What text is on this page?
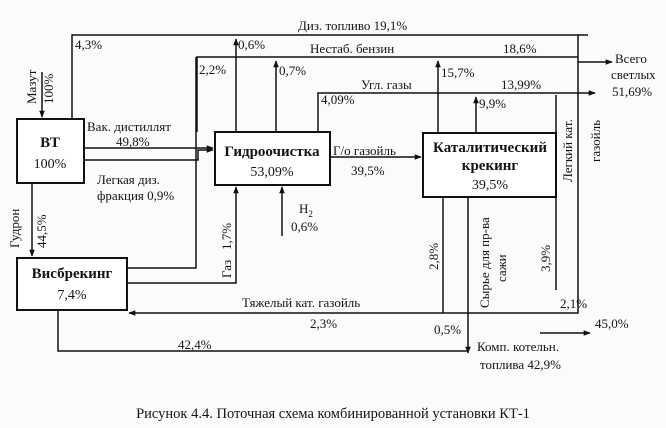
ВТ
100%
Гидроочистка
53,09%
Каталитический
крекинг
39,5%
Висбрекинг
7,4%
Мазут 100%
Гудрон 44,5%
Вак. дистиллят
49,8%
Легкая диз.
фракция 0,9%
Диз. топливо 19,1%
Нестаб. бензин	18,6%
Угл. газы	13,99%
4,3%
2,2%
0,6%
0,7%
4,09%
15,7%
9,9%
Всего
светлых
51,69%
Г/о газойль
39,5%
$H_2$
0,6%
Газ
1,7%
Тяжелый кат. газойль
2,3%
2,8%	Сырье для пр-ва сажи 3,9%
Легкий кат. газойль
2,1%
45,0%
0,5%
42,4%	Комп. котельн.
топлива 42,9%
Рисунок 4.4. Поточная схема комбинированной установки КТ-1
